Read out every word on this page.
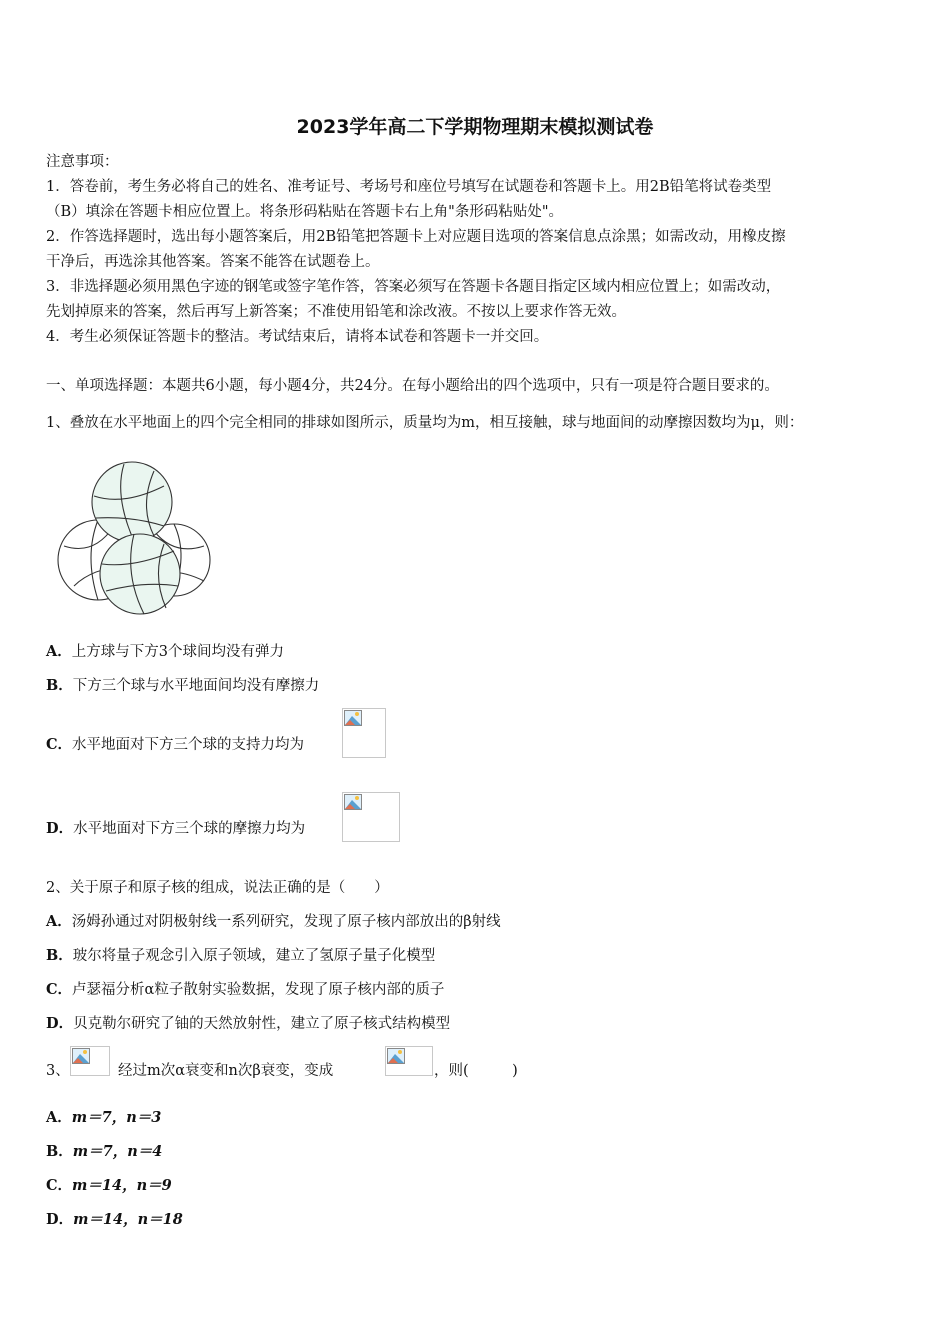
2023学年高二下学期物理期末模拟测试卷
注意事项：
1．答卷前，考生务必将自己的姓名、准考证号、考场号和座位号填写在试题卷和答题卡上。用2B铅笔将试卷类型
（B）填涂在答题卡相应位置上。将条形码粘贴在答题卡右上角"条形码粘贴处"。
2．作答选择题时，选出每小题答案后，用2B铅笔把答题卡上对应题目选项的答案信息点涂黑；如需改动，用橡皮擦
干净后，再选涂其他答案。答案不能答在试题卷上。
3．非选择题必须用黑色字迹的钢笔或签字笔作答，答案必须写在答题卡各题目指定区域内相应位置上；如需改动，
先划掉原来的答案，然后再写上新答案；不准使用铅笔和涂改液。不按以上要求作答无效。
4．考生必须保证答题卡的整洁。考试结束后，请将本试卷和答题卡一并交回。
一、单项选择题：本题共6小题，每小题4分，共24分。在每小题给出的四个选项中，只有一项是符合题目要求的。
1、叠放在水平地面上的四个完全相同的排球如图所示，质量均为m，相互接触，球与地面间的动摩擦因数均为μ，则：
A．上方球与下方3个球间均没有弹力
B．下方三个球与水平地面间均没有摩擦力
C．水平地面对下方三个球的支持力均为
D．水平地面对下方三个球的摩擦力均为
2、关于原子和原子核的组成，说法正确的是（　　）
A．汤姆孙通过对阴极射线一系列研究，发现了原子核内部放出的β射线
B．玻尔将量子观念引入原子领域，建立了氢原子量子化模型
C．卢瑟福分析α粒子散射实验数据，发现了原子核内部的质子
D．贝克勒尔研究了铀的天然放射性，建立了原子核式结构模型
3、	经过m次α衰变和n次β衰变，变成	，则(　　　)
A．m＝7，n＝3
B．m＝7，n＝4
C．m＝14，n＝9
D．m＝14，n＝18
